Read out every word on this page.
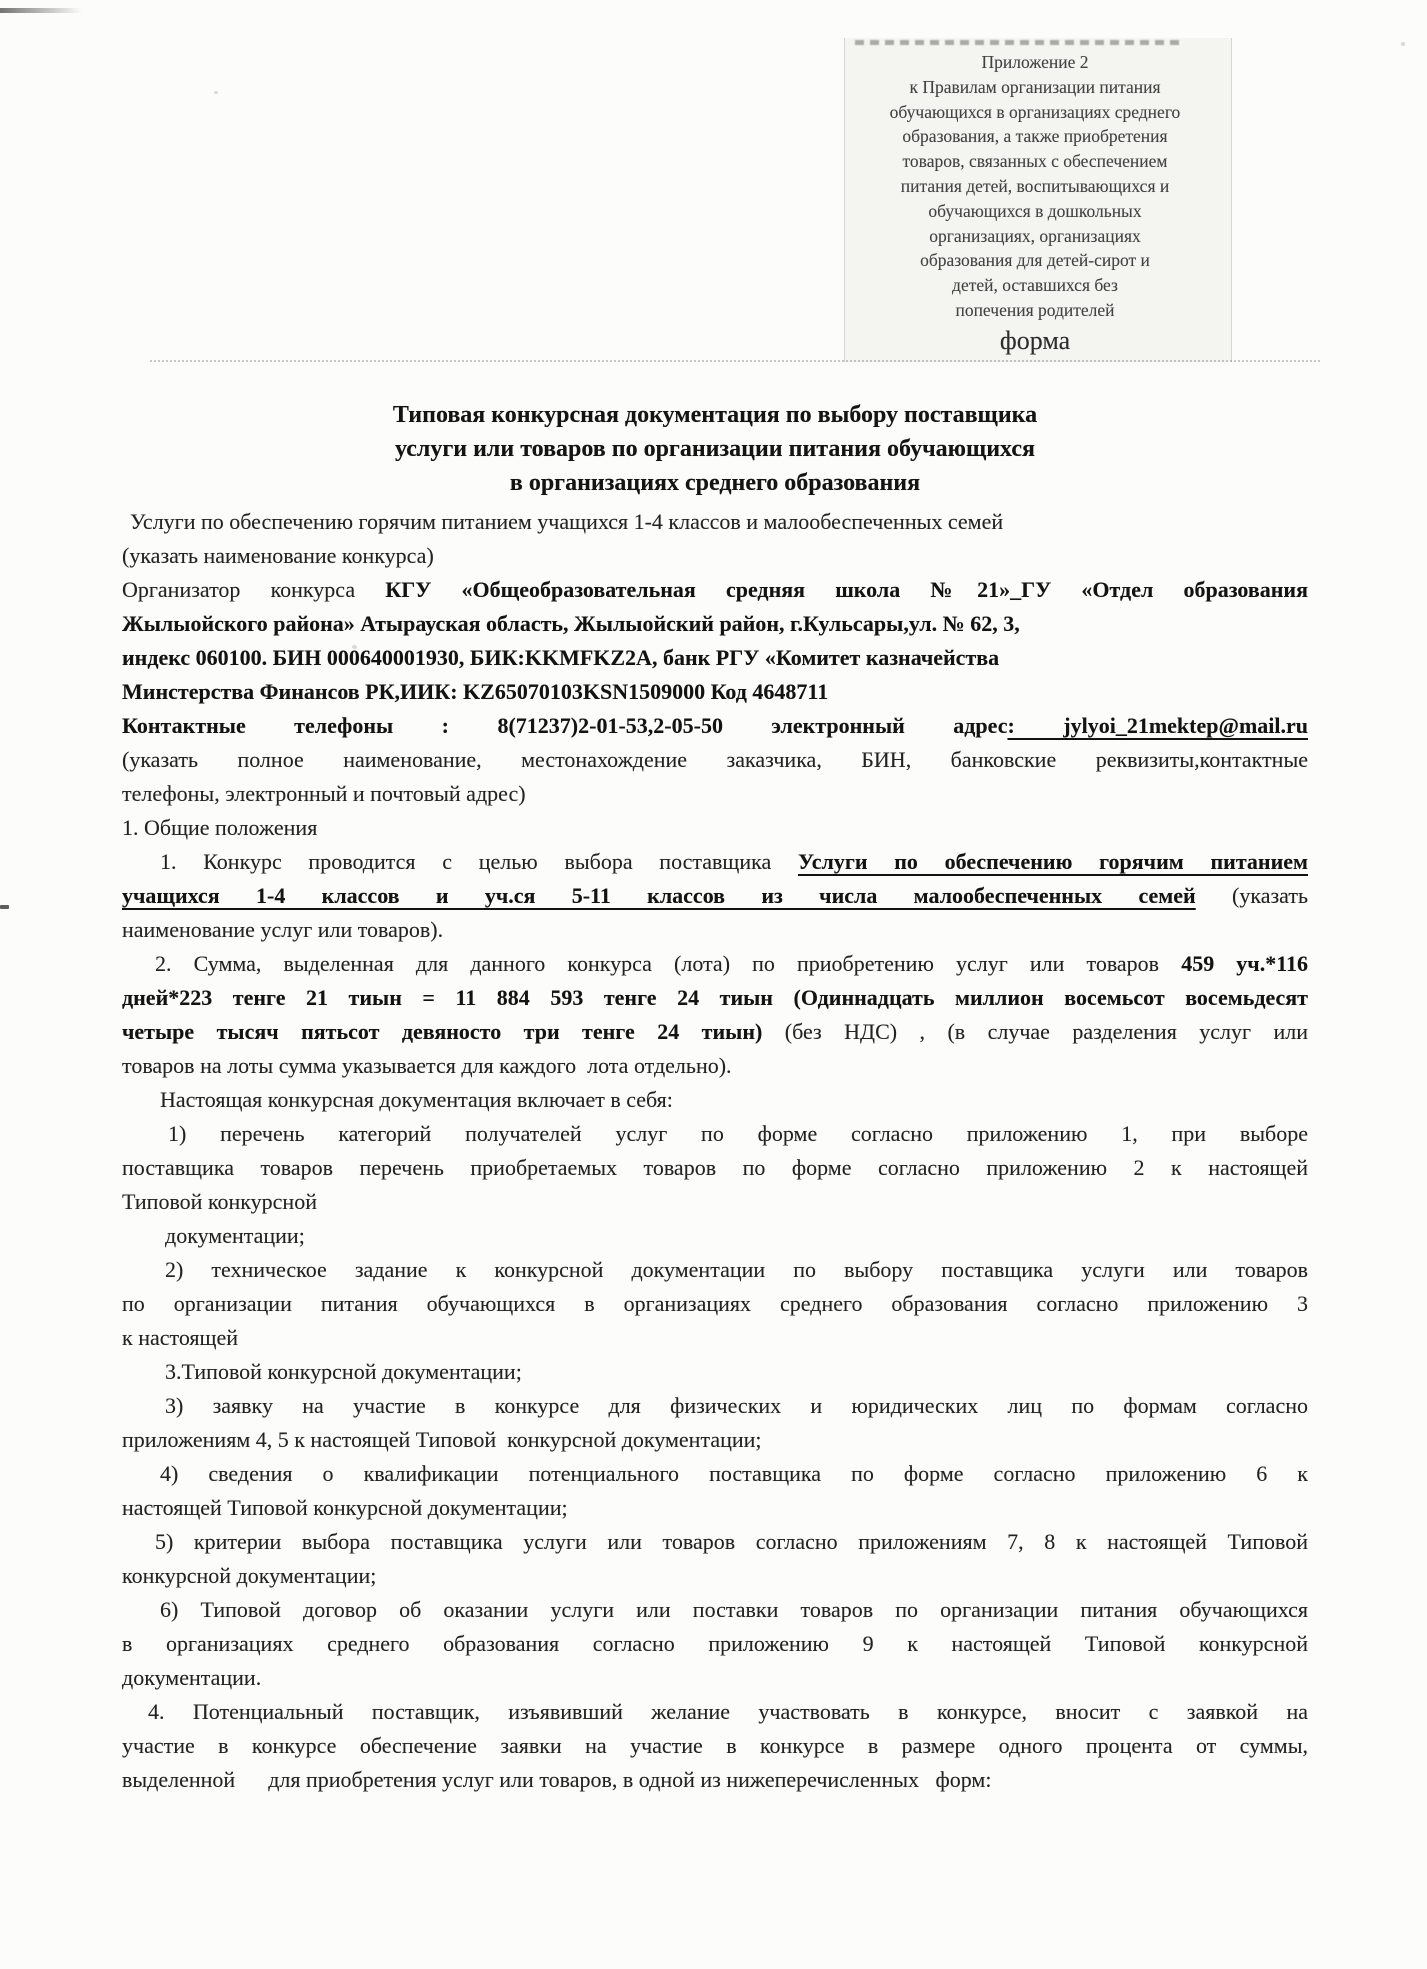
Приложение 2
к Правилам организации питания
обучающихся в организациях среднего
образования, а также приобретения
товаров, связанных с обеспечением
питания детей, воспитывающихся и
обучающихся в дошкольных
организациях, организациях
образования для детей-сирот и
детей, оставшихся без
попечения родителей
форма
Типовая конкурсная документация по выбору поставщика
услуги или товаров по организации питания обучающихся
в организациях среднего образования
Услуги по обеспечению горячим питанием учащихся 1-4 классов и малообеспеченных семей
(указать наименование конкурса)
Организатор конкурса КГУ «Общеобразовательная средняя школа №21»_ГУ «Отдел образования
Жылыойского района» Атырауская область, Жылыойский район, г.Кульсары,ул. № 62, 3,
индекс 060100. БИН 000640001930, БИК:KKMFKZ2A, банк РГУ «Комитет казначейства
Минстерства Финансов РК,ИИК: KZ65070103KSN1509000 Код 4648711
Контактные телефоны : 8(71237)2-01-53,2-05-50 электронный адрес: jylyoi_21mektep@mail.ru
(указать полное наименование, местонахождение заказчика, БИН, банковские реквизиты,контактные
телефоны, электронный и почтовый адрес)
1. Общие положения
1. Конкурс проводится с целью выбора поставщика Услуги по обеспечению горячим питанием
учащихся 1-4 классов и уч.ся 5-11 классов из числа малообеспеченных семей (указать
наименование услуг или товаров).
2. Сумма, выделенная для данного конкурса (лота) по приобретению услуг или товаров 459 уч.*116
дней*223 тенге 21 тиын = 11 884 593 тенге 24 тиын (Одиннадцать миллион восемьсот восемьдесят
четыре тысяч пятьсот девяносто три тенге 24 тиын) (без НДС) , (в случае разделения услуг или
товаров на лоты сумма указывается для каждого  лота отдельно).
Настоящая конкурсная документация включает в себя:
1) перечень категорий получателей услуг по форме согласно приложению 1, при выборе
поставщика товаров перечень приобретаемых товаров по форме согласно приложению 2 к настоящей
Типовой конкурсной
документации;
2) техническое задание к конкурсной документации по выбору поставщика услуги или товаров
по организации питания обучающихся в организациях среднего образования согласно приложению 3
к настоящей
3.Типовой конкурсной документации;
3) заявку на участие в конкурсе для физических и юридических лиц по формам согласно
приложениям 4, 5 к настоящей Типовой  конкурсной документации;
4) сведения о квалификации потенциального поставщика по форме согласно приложению 6 к
настоящей Типовой конкурсной документации;
5) критерии выбора поставщика услуги или товаров согласно приложениям 7, 8 к настоящей Типовой
конкурсной документации;
6) Типовой договор об оказании услуги или поставки товаров по организации питания обучающихся
в организациях среднего образования согласно приложению 9 к настоящей Типовой конкурсной
документации.
4. Потенциальный поставщик, изъявивший желание участвовать в конкурсе, вносит с заявкой на
участие в конкурсе обеспечение заявки на участие в конкурсе в размере одного процента от суммы,
выделенной      для приобретения услуг или товаров, в одной из нижеперечисленных   форм:
